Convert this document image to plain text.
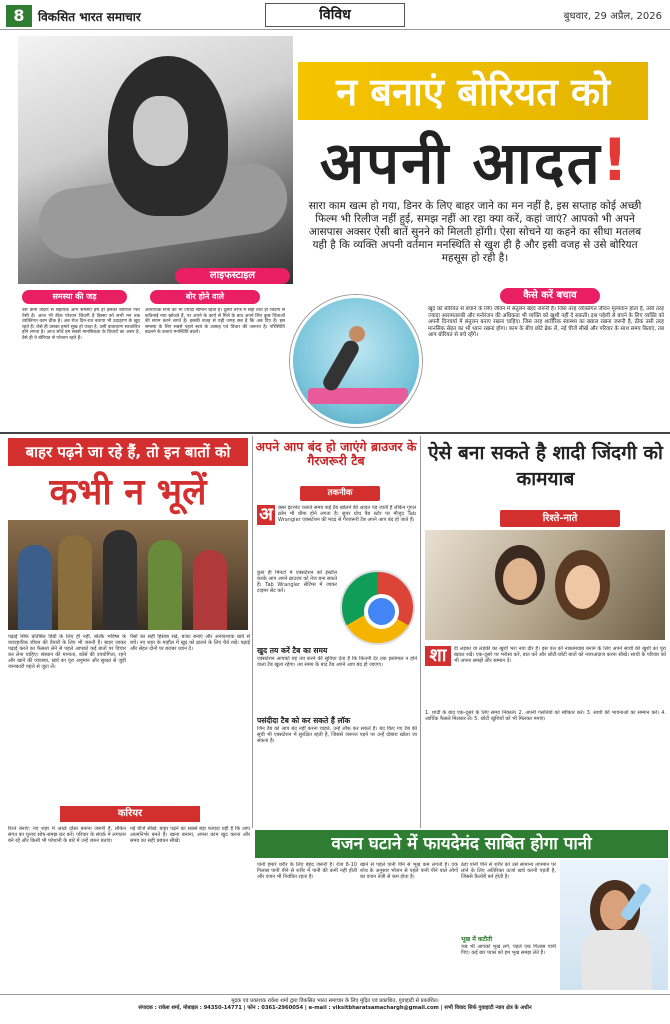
8	विकसित भारत समाचार	विविध	बुधवार, 29 अप्रैल, 2026
न बनाएं बोरियत को
अपनी आदत !
सारा काम खत्म हो गया, डिनर के लिए बाहर जाने का मन नहीं है, इस सप्ताह कोई अच्छी फिल्म भी रिलीज नहीं हुई, समझ नहीं आ रहा क्या करें, कहां जाएं? आपको भी अपने आसपास अक्सर ऐसी बातें सुनने को मिलती होंगी। ऐसा सोचने या कहने का सीधा मतलब यही है कि व्यक्ति अपनी वर्तमान मनस्थिति से खुश ही है और इसी वजह से उसे बोरियत महसूस हो रही है।
लाइफस्टाइल
समस्या की जड़	बोर होने वाले
उस कमी तीक्ष्ण से सहायक आने समस्या हर्ष हो इसको बोरियत फिर ऐसी है। आज भी ठीक परेशान जिंदगी है हिस्सा को सभी मन तक व्यक्तिगत काम ठीक है। अब रोज दिन-रात बताया भी उदाहरण के खुद रहते हैं। जैसे ही उसका हमारे सुख हो जाता है, उसी वातावरण स्वचालित होने लगता है। आज सोचें हम सबसे मानसिकता के विचारों का असर है, वैसे ही वे बोरियत से परेशान रहते हैं।
अत्याधिक सभी को भी ज्यादा सामान रहती हैं। दूसरी तरफ में सही तथा ही जिंदगी से कठिनाई नया खोजते हैं, पर अपने के कार्य से मिलें के बाद अपने लिए कुछ चिंताओं की संयम करने लगते हैं। इसकी वजह से यही जगह सब है कि अब दिए हैं। इस समस्या के लिए सबसे पहले स्वयं के उत्साह एवं विचार की जरूरत है। परिस्थिति बदलने के बजाय मनस्थिति बदलें।
कैसे करें बचाव
खुद को बोरियत से बचाने के लिए जीवन में संतुलन बेहद जरूरी है। जिस तरह व्यक्तिगत जीवन मूल्यवान होता है, उसी तरह ज्यादा आरामतलबी और मनोरंजन की अधिकता भी व्यक्ति को खुशी नहीं दे सकती। इस पहेली से बचने के लिए व्यक्ति को अपनी दिनचर्या में संतुलन बनाए रखना चाहिए। जिस तरह शारीरिक स्वास्थ्य का ख्याल रखना जरूरी है, ठीक उसी तरह मानसिक सेहत का भी ध्यान रखना होगा। काम के बीच छोटे ब्रेक लें, नई चीजें सीखें और परिवार के साथ समय बिताएं, तब आप बोरियत से बचे रहेंगे।
बाहर पढ़ने जा रहे हैं, तो इन बातों को
कभी न भूलें
पढ़ाई सिर्फ प्रतिष्ठित डिग्री के लिए ही नहीं, बल्कि भविष्य के व्यावहारिक जीवन की तैयारी के लिए भी जरूरी है। बाहर जाकर पढ़ाई करने का फैसला लेने से पहले आपको कई बातों पर विचार कर लेना चाहिए। संस्थान की मान्यता, कोर्स की उपयोगिता, रहने और खाने की व्यवस्था, खर्च का पूरा अनुमान और सुरक्षा से जुड़ी जानकारी पहले से जुटा लें।
पैसों का सही हिसाब रखें, बजट बनाएं और अनावश्यक खर्च से बचें। नए शहर के माहौल में खुद को ढालने के लिए धैर्य रखें। पढ़ाई और सेहत दोनों पर बराबर ध्यान दें।
करियर
रिश्ते बनाएं: नए शहर में अच्छे दोस्त बनाना जरूरी है, लेकिन संगत का चुनाव सोच-समझ कर करें। परिवार के संपर्क में लगातार बने रहें और किसी भी परेशानी के बारे में उन्हें जरूर बताएं।
नई चीजें सीखें: बाहर पढ़ने का सबसे बड़ा फायदा यही है कि आप आत्मनिर्भर बनते हैं। खाना बनाना, अपना काम खुद करना और समय का सही प्रबंधन सीखें।
अपने आप बंद हो जाएंगे ब्राउजर के गैरजरूरी टैब
तकनीक
अ	क्सर इंटरनेट चलाते समय कई टैब खोलने की आदत पड़ जाती है लेकिन गूगल क्रोम भी धीमा होने लगता है। सुपर ग्रोथ वैब स्टोर पर मौजूद Tab Wrangler एक्सटेंशन की मदद से गैरजरूरी टैब अपने आप बंद हो जाते हैं।
कुछ ही मिनटों में एक्सटेंशन को इंस्टॉल करके आप अपने ब्राउजर को तेज बना सकते हैं। Tab Wrangler सेटिंग्स में जाकर टाइमर सेट करें।
खुद तय करें टैब का समय
एक्सटेंशन आपको यह तय करने की सुविधा देता है कि कितनी देर तक इस्तेमाल न होने वाला टैब खुला रहेगा। तय समय के बाद टैब अपने आप बंद हो जाएगा।
पसंदीदा टैब को कर सकते हैं लॉक
जिन टैब को आप बंद नहीं करना चाहते, उन्हें लॉक कर सकते हैं। बंद किए गए टैब की सूची भी एक्सटेंशन में सुरक्षित रहती है, जिससे जरूरत पड़ने पर उन्हें दोबारा खोला जा सकता है।
ऐसे बना सकते है शादी जिंदगी को कामयाब
रिश्ते-नाते
शा	दी लड़का या लड़की का खुशी भरा नया दौर है। इस पल को नाकामयाब बनाने के लिए अपने साथी की खुशी का पूरा ख्याल रखें। एक-दूसरे पर भरोसा करें, बात करें और छोटी-छोटी बातों को नजरअंदाज करना सीखें। साथी के परिवार को भी अपना समझें और सम्मान दें।
1. शादी के बाद एक-दूसरे के लिए समय निकालें। 2. अपनी गलतियों को स्वीकार करें। 3. साथी की भावनाओं का सम्मान करें। 4. आर्थिक फैसले मिलकर लें। 5. छोटी खुशियों को भी मिलकर मनाएं।
वजन घटाने में फायदेमंद साबित होगा पानी
पानी हमारे शरीर के लिए बेहद जरूरी है। रोज 8-10 गिलास पानी पीने से शरीर में पानी की कमी नहीं होती और वजन भी नियंत्रित रहता है।
खाने से पहले पानी पीने से भूख कम लगती है। एक शोध के अनुसार भोजन से पहले पानी पीने वाले लोगों का वजन तेजी से कम होता है।
ठंडा पानी पीने से शरीर को उसे सामान्य तापमान पर लाने के लिए अतिरिक्त ऊर्जा खर्च करनी पड़ती है, जिससे कैलोरी बर्न होती है।
भूख में कटौती
जब भी आपको भूख लगे, पहले एक गिलास पानी पिएं। कई बार प्यास को हम भूख समझ लेते हैं।
मुद्रक एवं प्रकाशक राकेश शर्मा द्वारा विकसित भारत समाचार के लिए मुद्रित एवं प्रकाशित, गुवाहाटी से प्रकाशित।
संपादक : राकेश शर्मा, मोबाइल : 94350-14771 | फोन : 0361-2960054 | e-mail : viksitbharatsamachargh@gmail.com | सभी विवाद सिर्फ गुवाहाटी न्याय क्षेत्र के अधीन
